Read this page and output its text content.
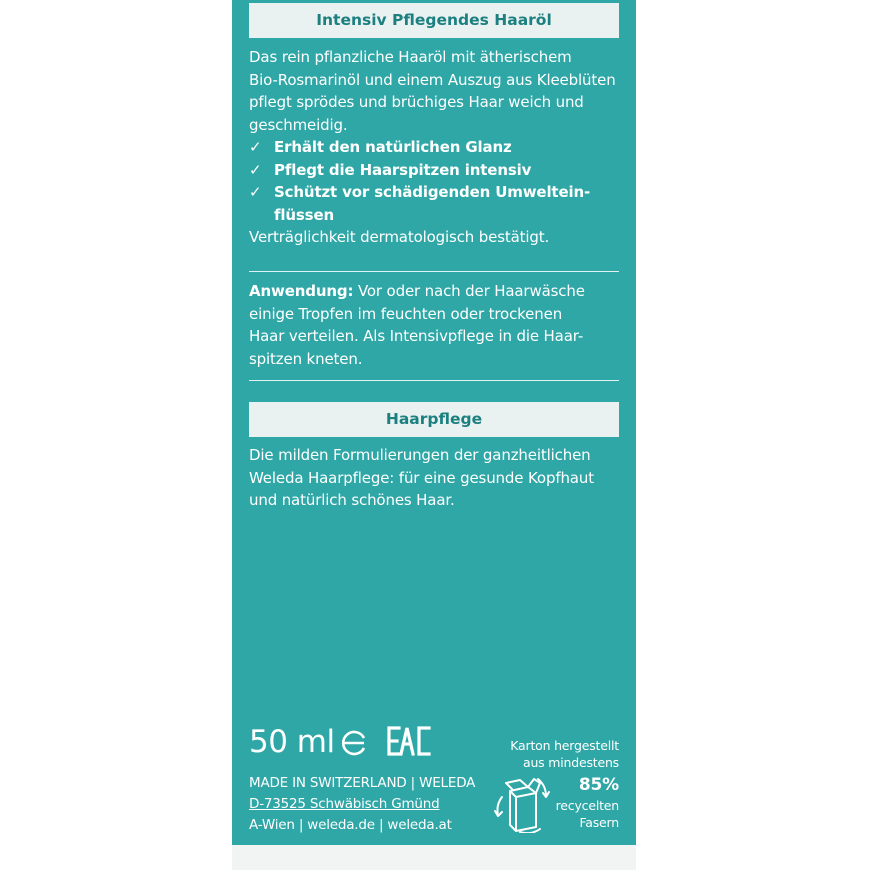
Intensiv Pflegendes Haaröl

Das rein pflanzliche Haaröl mit ätherischem

Bio-Rosmarinöl und einem Auszug aus Kleeblüten

pflegt sprödes und brüchiges Haar weich und

geschmeidig.

✓ Erhält den natürlichen Glanz
✓ Pflegt die Haarspitzen intensiv
✓ Schützt vor schädigenden Umweltein-
flüssen

Verträglichkeit dermatologisch bestätigt.

Anwendung: Vor oder nach der Haarwäsche

einige Tropfen im feuchten oder trockenen

Haar verteilen. Als Intensivpflege in die Haar-

spitzen kneten.

Haarpflege

Die milden Formulierungen der ganzheitlichen

Weleda Haarpflege: für eine gesunde Kopfhaut

und natürlich schönes Haar.

50 ml
MADE IN SWITZERLAND | WELEDA
D-73525 Schwäbisch Gmünd
A-Wien | weleda.de | weleda.at
Karton hergestellt
aus mindestens
85%
recycelten
Fasern
